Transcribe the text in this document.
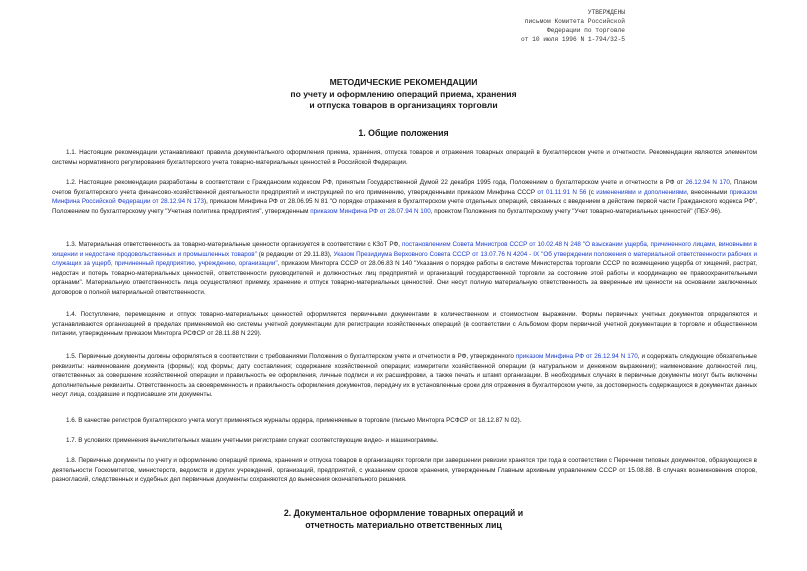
УТВЕРЖДЕНЫ
письмом Комитета Российской
Федерации по торговле
от 10 июля 1996 N 1-794/32-5
МЕТОДИЧЕСКИЕ РЕКОМЕНДАЦИИ
по учету и оформлению операций приема, хранения
и отпуска товаров в организациях торговли
1. Общие положения

1.1. Настоящие рекомендации устанавливают правила документального оформления приема, хранения, отпуска товаров и отражения товарных операций в бухгалтерском учете и отчетности. Рекомендации являются элементом системы нормативного регулирования бухгалтерского учета товарно-материальных ценностей в Российской Федерации.

1.2. Настоящие рекомендации разработаны в соответствии с Гражданским кодексом РФ, принятым Государственной Думой 22 декабря 1995 года, Положением о бухгалтерском учете и отчетности в РФ от 26.12.94 N 170, Планом счетов бухгалтерского учета финансово-хозяйственной деятельности предприятий и инструкцией по его применению, утвержденными приказом Минфина СССР от 01.11.91 N 56 (с изменениями и дополнениями, внесенными приказом Минфина Российской Федерации от 28.12.94 N 173), приказом Минфина РФ от 28.06.95 N 81 "О порядке отражения в бухгалтерском учете отдельных операций, связанных с введением в действие первой части Гражданского кодекса РФ", Положением по бухгалтерскому учету "Учетная политика предприятия", утвержденным приказом Минфина РФ от 28.07.94 N 100, проектом Положения по бухгалтерскому учету "Учет товарно-материальных ценностей" (ПБУ-96).

1.3. Материальная ответственность за товарно-материальные ценности организуется в соответствии с КЗоТ РФ, постановлением Совета Министров СССР от 10.02.48 N 248 "О взыскании ущерба, причиненного лицами, виновными в хищении и недостаче продовольственных и промышленных товаров" (в редакции от 29.11.83), Указом Президиума Верховного Совета СССР от 13.07.76 N 4204 - IX "Об утверждении положения о материальной ответственности рабочих и служащих за ущерб, причиненный предприятию, учреждению, организации", приказом Минторга СССР от 28.06.83 N 140 "Указания о порядке работы в системе Министерства торговли СССР по возмещению ущерба от хищений, растрат, недостач и потерь товарно-материальных ценностей, ответственности руководителей и должностных лиц предприятий и организаций государственной торговли за состояние этой работы и координацию ее правоохранительными органами". Материальную ответственность лица осуществляют приемку, хранение и отпуск товарно-материальных ценностей. Они несут полную материальную ответственность за вверенные им ценности на основании заключенных договоров о полной материальной ответственности.

1.4. Поступление, перемещение и отпуск товарно-материальных ценностей оформляется первичными документами в количественном и стоимостном выражении. Формы первичных учетных документов определяются и устанавливаются организацией в пределах применяемой ею системы учетной документации для регистрации хозяйственных операций (в соответствии с Альбомом форм первичной учетной документации в торговле и общественном питании, утвержденным приказом Минторга РСФСР от 28.11.88 N 229).

1.5. Первичные документы должны оформляться в соответствии с требованиями Положения о бухгалтерском учете и отчетности в РФ, утвержденного приказом Минфина РФ от 26.12.94 N 170, и содержать следующие обязательные реквизиты: наименование документа (формы); код формы; дату составления; содержание хозяйственной операции; измерители хозяйственной операции (в натуральном и денежном выражении); наименование должностей лиц, ответственных за совершение хозяйственной операции и правильность ее оформления, личные подписи и их расшифровки, а также печать и штамп организации. В необходимых случаях в первичные документы могут быть включены дополнительные реквизиты. Ответственность за своевременность и правильность оформления документов, передачу их в установленные сроки для отражения в бухгалтерском учете, за достоверность содержащихся в документах данных несут лица, создавшие и подписавшие эти документы.

1.6. В качестве регистров бухгалтерского учета могут применяться журналы ордера, применяемые в торговле (письмо Минторга РСФСР от 18.12.87 N 02).

1.7. В условиях применения вычислительных машин учетными регистрами служат соответствующие видео- и машинограммы.

1.8. Первичные документы по учету и оформлению операций приема, хранения и отпуска товаров в организациях торговли при завершении ревизии хранятся три года в соответствии с Перечнем типовых документов, образующихся в деятельности Госкомитетов, министерств, ведомств и других учреждений, организаций, предприятий, с указанием сроков хранения, утвержденным Главным архивным управлением СССР от 15.08.88. В случаях возникновения споров, разногласий, следственных и судебных дел первичные документы сохраняются до вынесения окончательного решения.

2. Документальное оформление товарных операций и
отчетность материально ответственных лиц
